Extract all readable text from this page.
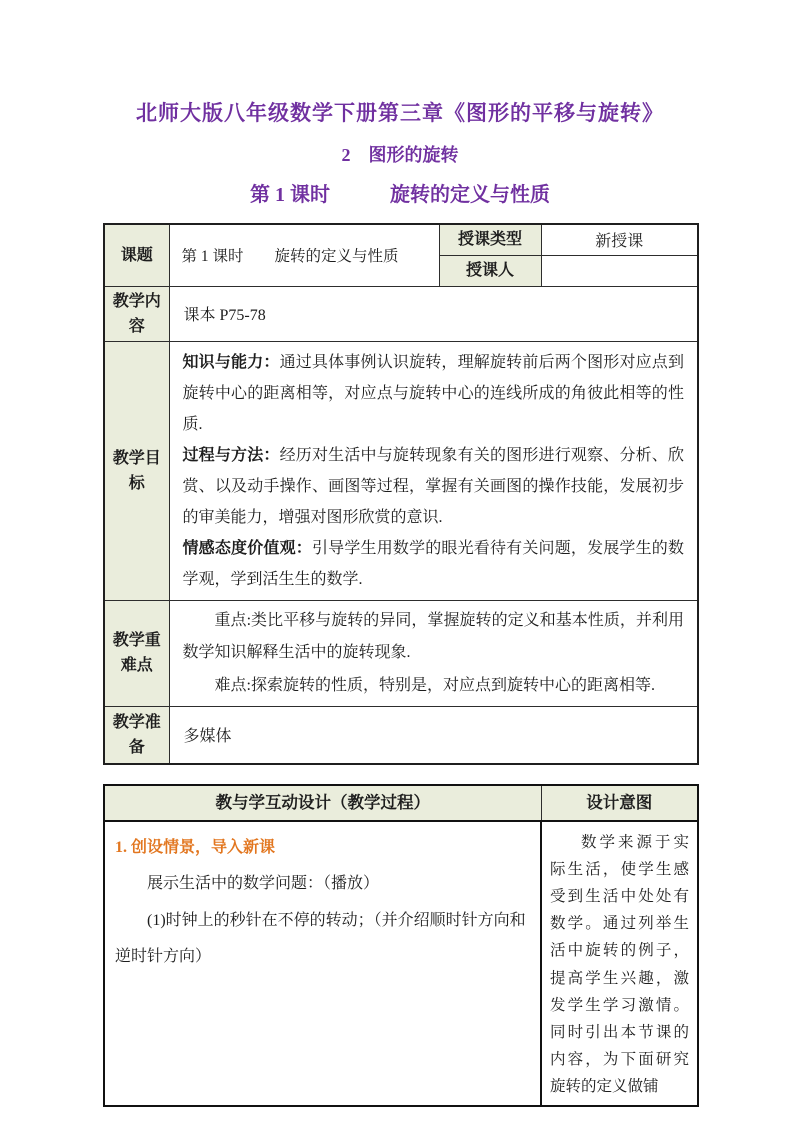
北师大版八年级数学下册第三章《图形的平移与旋转》
2　图形的旋转
第 1 课时　　　旋转的定义与性质
课题	第 1 课时　　旋转的定义与性质	授课类型	新授课
		授课人	
教学内容	课本 P75-78		
教学目标	知识与能力：通过具体事例认识旋转，理解旋转前后两个图形对应点到旋转中心的距离相等，对应点与旋转中心的连线所成的角彼此相等的性质.

过程与方法：经历对生活中与旋转现象有关的图形进行观察、分析、欣赏、以及动手操作、画图等过程，掌握有关画图的操作技能，发展初步的审美能力，增强对图形欣赏的意识.

情感态度价值观：引导学生用数学的眼光看待有关问题，发展学生的数学观，学到活生生的数学.		

教学重难点	重点:类比平移与旋转的异同，掌握旋转的定义和基本性质，并利用数学知识解释生活中的旋转现象.

难点:探索旋转的性质，特别是，对应点到旋转中心的距离相等.		

教学准备	多媒体		
教与学互动设计（教学过程）	设计意图

1. 创设情景，导入新课

展示生活中的数学问题：（播放）

(1)时钟上的秒针在不停的转动；（并介绍顺时针方向和逆时针方向）	数学来源于实际生活，使学生感受到生活中处处有数学。通过列举生活中旋转的例子，提高学生兴趣，激发学生学习激情。同时引出本节课的内容，为下面研究旋转的定义做铺
